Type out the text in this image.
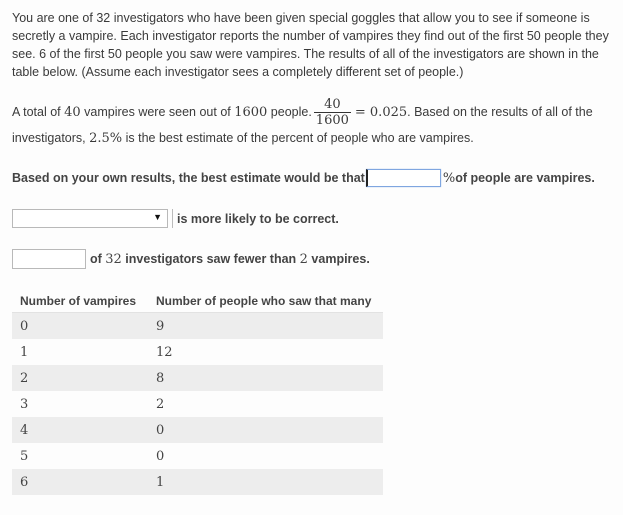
You are one of 32 investigators who have been given special goggles that allow you to see if someone is secretly a vampire. Each investigator reports the number of vampires they find out of the first 50 people they see. 6 of the first 50 people you saw were vampires. The results of all of the investigators are shown in the table below. (Assume each investigator sees a completely different set of people.)
A total of 40 vampires were seen out of 1600 people. $\frac{40}{1600} = 0.025$. Based on the results of all of the investigators, 2.5% is the best estimate of the percent of people who are vampires.
Based on your own results, the best estimate would be that	% of people are vampires.
▼ is more likely to be correct.
of 32 investigators saw fewer than 2 vampires.
Number of vampires	Number of people who saw that many
0	9
1	12
2	8
3	2
4	0
5	0
6	1
